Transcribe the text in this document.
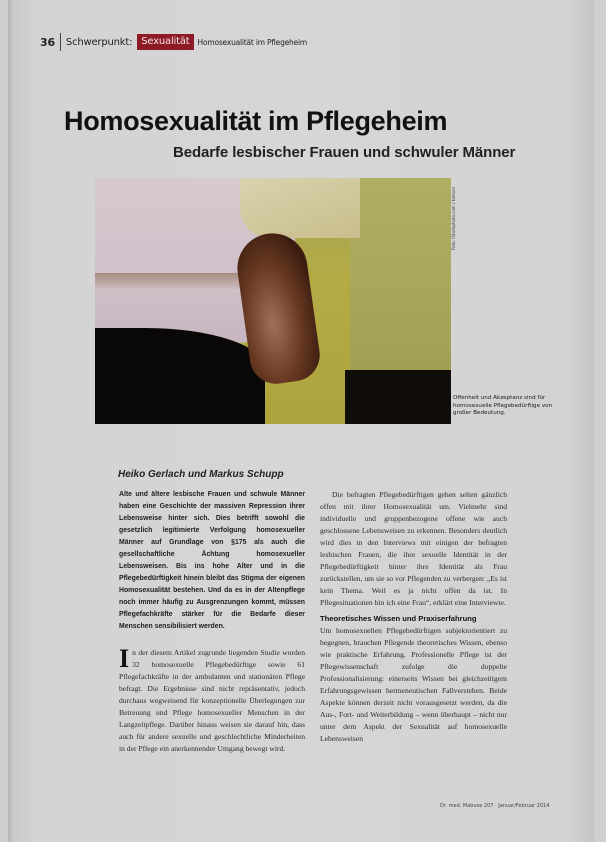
36 Schwerpunkt: Sexualität	Homosexualität im Pflegeheim
Homosexualität im Pflegeheim
Bedarfe lesbischer Frauen und schwuler Männer
Foto: iStockphoto.com / kzenon

Offenheit und Akzeptanz sind für homosexuelle Pflegebedürftige von großer Bedeutung.

Heiko Gerlach und Markus Schupp

Alte und ältere lesbische Frauen und schwule Männer haben eine Geschichte der massiven Repression ihrer Lebensweise hinter sich. Dies betrifft sowohl die gesetzlich legitimierte Verfolgung homosexueller Männer auf Grundlage von §175 als auch die gesellschaftliche Ächtung homosexueller Lebensweisen. Bis ins hohe Alter und in die Pflegebedürftigkeit hinein bleibt das Stigma der eigenen Homosexualität bestehen. Und da es in der Altenpflege noch immer häufig zu Ausgrenzungen kommt, müssen Pflegefachkräfte stärker für die Bedarfe dieser Menschen sensibilisiert werden.

In der diesem Artikel zugrunde liegenden Studie wurden 32 homosexuelle Pflegebedürftige sowie 61 Pflegefachkräfte in der ambulanten und stationären Pflege befragt. Die Ergebnisse sind nicht repräsentativ, jedoch durchaus wegweisend für konzeptionelle Überlegungen zur Betreuung und Pflege homosexueller Menschen in der Langzeitpflege. Darüber hinaus weisen sie darauf hin, dass auch für andere sexuelle und geschlechtliche Minderheiten in der Pflege ein anerkennender Umgang bewegt wird.

Die befragten Pflegebedürftigen gehen selten gänzlich offen mit ihrer Homosexualität um. Vielmehr sind individuelle und gruppenbezogene offene wie auch geschlossene Lebensweisen zu erkennen. Besonders deutlich wird dies in den Interviews mit einigen der befragten lesbischen Frauen, die ihre sexuelle Identität in der Pflegebedürftigkeit hinter ihre Identität als Frau zurückstellen, um sie so vor Pflegenden zu verbergen: „Es ist kein Thema. Weil es ja nicht offen da ist. In Pflegesituationen bin ich eine Frau“, erklärt eine Interviewte.

Theoretisches Wissen und Praxiserfahrung

Um homosexuellen Pflegebedürftigen subjektorientiert zu begegnen, brauchen Pflegende theoretisches Wissen, ebenso wie praktische Erfahrung. Professionelle Pflege ist der Pflegewissenschaft zufolge die doppelte Professionalisierung: einerseits Wissen bei gleichzeitigem Erfahrungsgewissen hermeneutischen Fallverstehen. Beide Aspekte können derzeit nicht vorausgesetzt werden, da die Aus-, Fort- und Weiterbildung – wenn überhaupt – nicht nur unter dem Aspekt der Sexualität auf homosexuelle Lebensweisen

Dr. med. Mabuse 207 · Januar/Februar 2014
